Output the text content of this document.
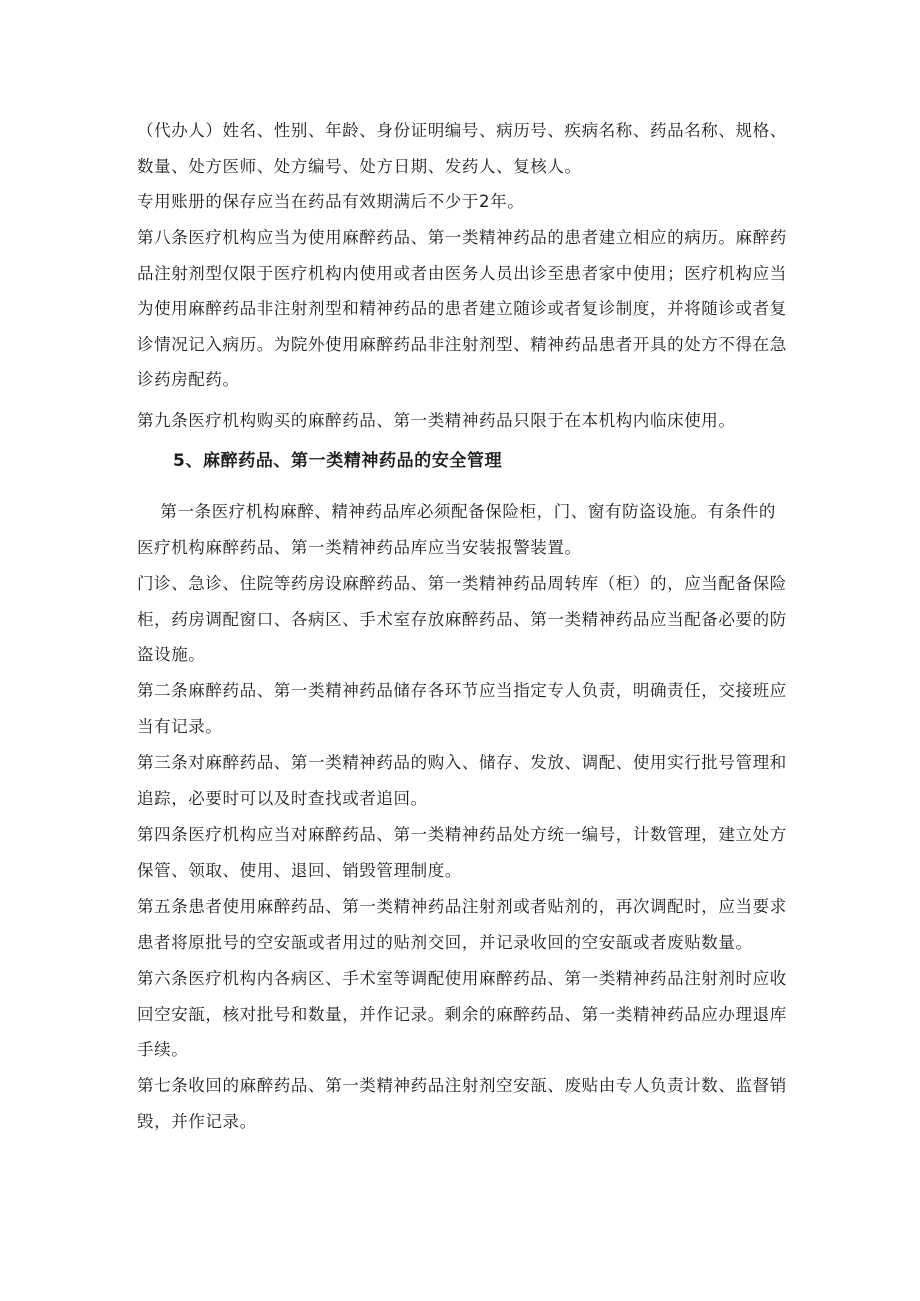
（代办人）姓名、性别、年龄、身份证明编号、病历号、疾病名称、药品名称、规格、数量、处方医师、处方编号、处方日期、发药人、复核人。

专用账册的保存应当在药品有效期满后不少于2年。

第八条医疗机构应当为使用麻醉药品、第一类精神药品的患者建立相应的病历。麻醉药品注射剂型仅限于医疗机构内使用或者由医务人员出诊至患者家中使用；医疗机构应当为使用麻醉药品非注射剂型和精神药品的患者建立随诊或者复诊制度，并将随诊或者复诊情况记入病历。为院外使用麻醉药品非注射剂型、精神药品患者开具的处方不得在急诊药房配药。

第九条医疗机构购买的麻醉药品、第一类精神药品只限于在本机构内临床使用。

5、麻醉药品、第一类精神药品的安全管理

第一条医疗机构麻醉、精神药品库必须配备保险柜，门、窗有防盗设施。有条件的医疗机构麻醉药品、第一类精神药品库应当安装报警装置。

门诊、急诊、住院等药房设麻醉药品、第一类精神药品周转库（柜）的，应当配备保险柜，药房调配窗口、各病区、手术室存放麻醉药品、第一类精神药品应当配备必要的防盗设施。

第二条麻醉药品、第一类精神药品储存各环节应当指定专人负责，明确责任，交接班应当有记录。

第三条对麻醉药品、第一类精神药品的购入、储存、发放、调配、使用实行批号管理和追踪，必要时可以及时查找或者追回。

第四条医疗机构应当对麻醉药品、第一类精神药品处方统一编号，计数管理，建立处方保管、领取、使用、退回、销毁管理制度。

第五条患者使用麻醉药品、第一类精神药品注射剂或者贴剂的，再次调配时，应当要求患者将原批号的空安瓿或者用过的贴剂交回，并记录收回的空安瓿或者废贴数量。

第六条医疗机构内各病区、手术室等调配使用麻醉药品、第一类精神药品注射剂时应收回空安瓿，核对批号和数量，并作记录。剩余的麻醉药品、第一类精神药品应办理退库手续。

第七条收回的麻醉药品、第一类精神药品注射剂空安瓿、废贴由专人负责计数、监督销毁，并作记录。
